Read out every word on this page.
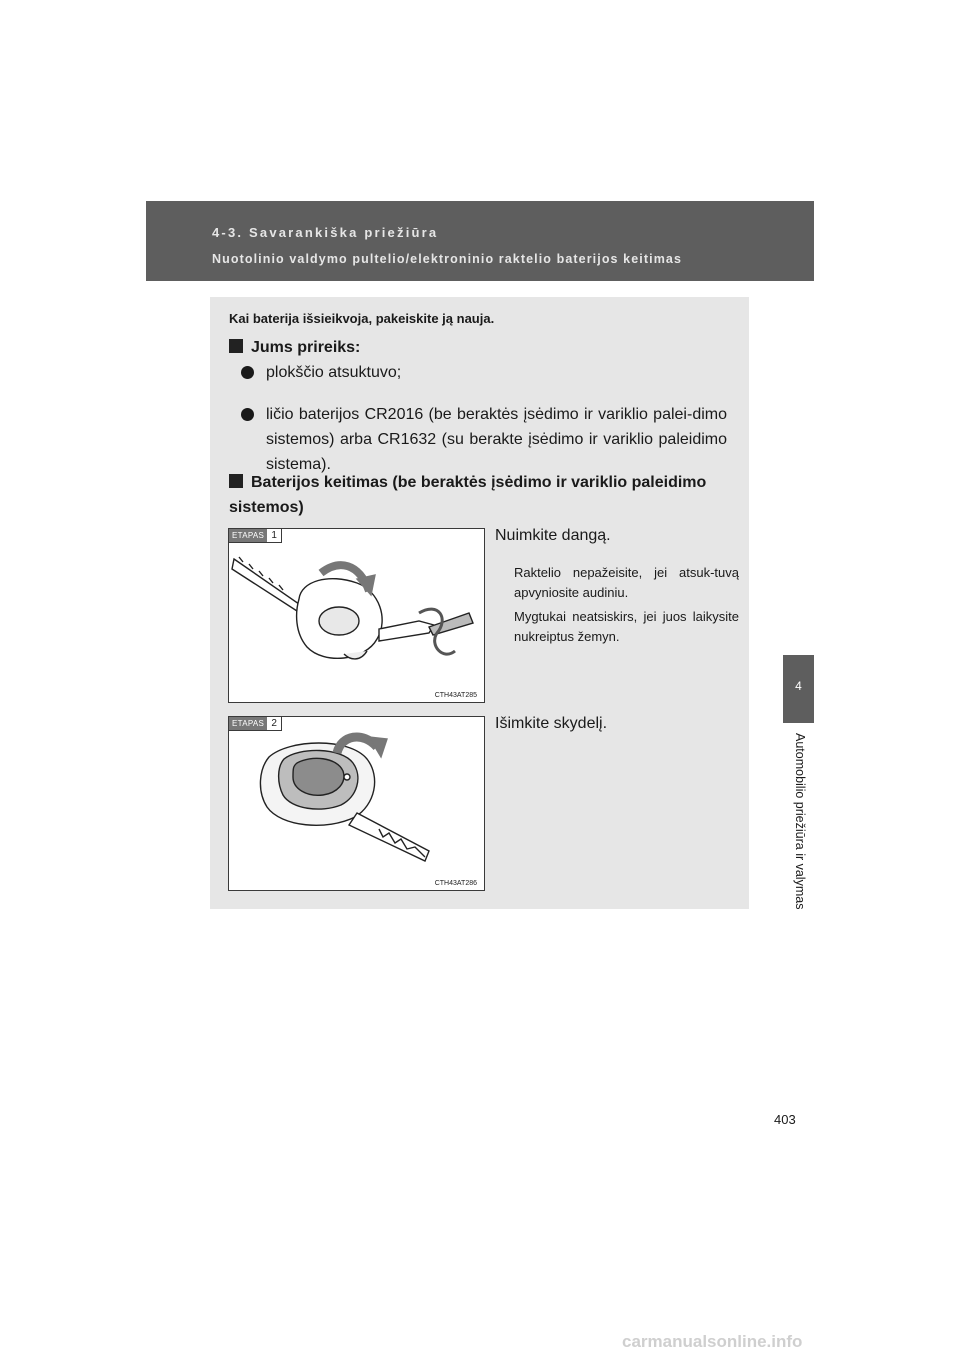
4-3. Savarankiška priežiūra
Nuotolinio valdymo pultelio/elektroninio raktelio baterijos keitimas
Kai baterija išsieikvoja, pakeiskite ją nauja.
Jums prireiks:
plokščio atsuktuvo;
ličio baterijos CR2016 (be beraktės įsėdimo ir variklio palei-dimo sistemos) arba CR1632 (su berakte įsėdimo ir variklio paleidimo sistema).
Baterijos keitimas (be beraktės įsėdimo ir variklio paleidimo sistemos)
ETAPAS 1
CTH43AT285
Nuimkite dangą.
Raktelio nepažeisite, jei atsuk-tuvą apvyniosite audiniu.
Mygtukai neatsiskirs, jei juos laikysite nukreiptus žemyn.
ETAPAS 2
CTH43AT286
Išimkite skydelį.
4
Automobilio priežiūra ir valymas
403
carmanualsonline.info
